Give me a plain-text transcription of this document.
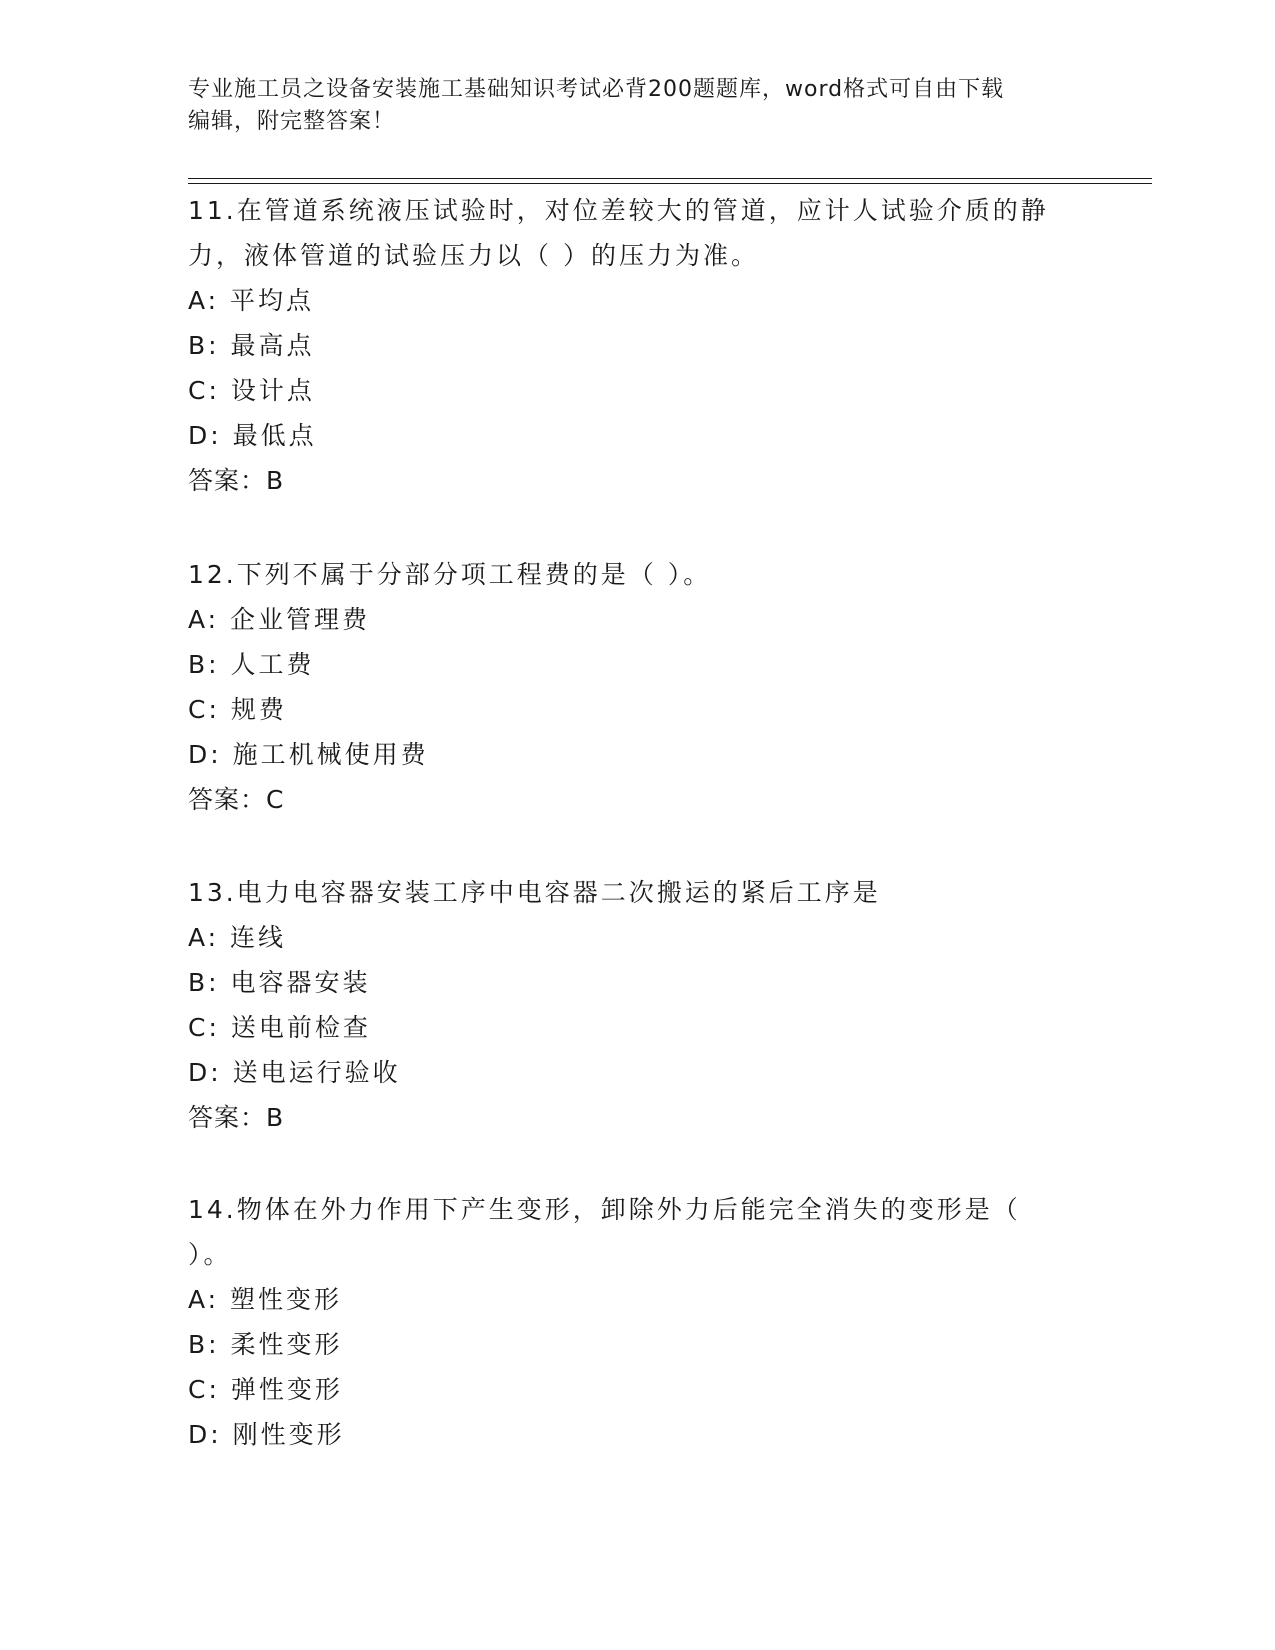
专业施工员之设备安装施工基础知识考试必背200题题库，word格式可自由下载
编辑，附完整答案！
11.在管道系统液压试验时，对位差较大的管道，应计人试验介质的静
力，液体管道的试验压力以（ ）的压力为准。
A: 平均点
B: 最高点
C: 设计点
D: 最低点
答案：B
12.下列不属于分部分项工程费的是（ ）。
A: 企业管理费
B: 人工费
C: 规费
D: 施工机械使用费
答案：C
13.电力电容器安装工序中电容器二次搬运的紧后工序是
A: 连线
B: 电容器安装
C: 送电前检查
D: 送电运行验收
答案：B
14.物体在外力作用下产生变形，卸除外力后能完全消失的变形是（
）。
A: 塑性变形
B: 柔性变形
C: 弹性变形
D: 刚性变形
